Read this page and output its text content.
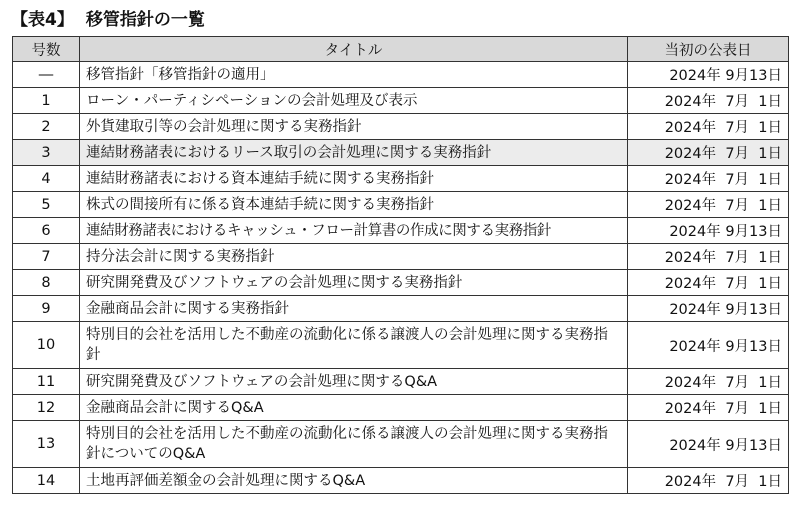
【表4】 移管指針の一覧
号数	タイトル	当初の公表日
―	移管指針「移管指針の適用」	2024年 9月13日
1	ローン・パーティシペーションの会計処理及び表示	2024年  7月  1日
2	外貨建取引等の会計処理に関する実務指針	2024年  7月  1日
3	連結財務諸表におけるリース取引の会計処理に関する実務指針	2024年  7月  1日
4	連結財務諸表における資本連結手続に関する実務指針	2024年  7月  1日
5	株式の間接所有に係る資本連結手続に関する実務指針	2024年  7月  1日
6	連結財務諸表におけるキャッシュ・フロー計算書の作成に関する実務指針	2024年 9月13日
7	持分法会計に関する実務指針	2024年  7月  1日
8	研究開発費及びソフトウェアの会計処理に関する実務指針	2024年  7月  1日
9	金融商品会計に関する実務指針	2024年 9月13日
10	特別目的会社を活用した不動産の流動化に係る譲渡人の会計処理に関する実務指針	2024年 9月13日
11	研究開発費及びソフトウェアの会計処理に関するQ&A	2024年  7月  1日
12	金融商品会計に関するQ&A	2024年  7月  1日
13	特別目的会社を活用した不動産の流動化に係る譲渡人の会計処理に関する実務指針についてのQ&A	2024年 9月13日
14	土地再評価差額金の会計処理に関するQ&A	2024年  7月  1日
